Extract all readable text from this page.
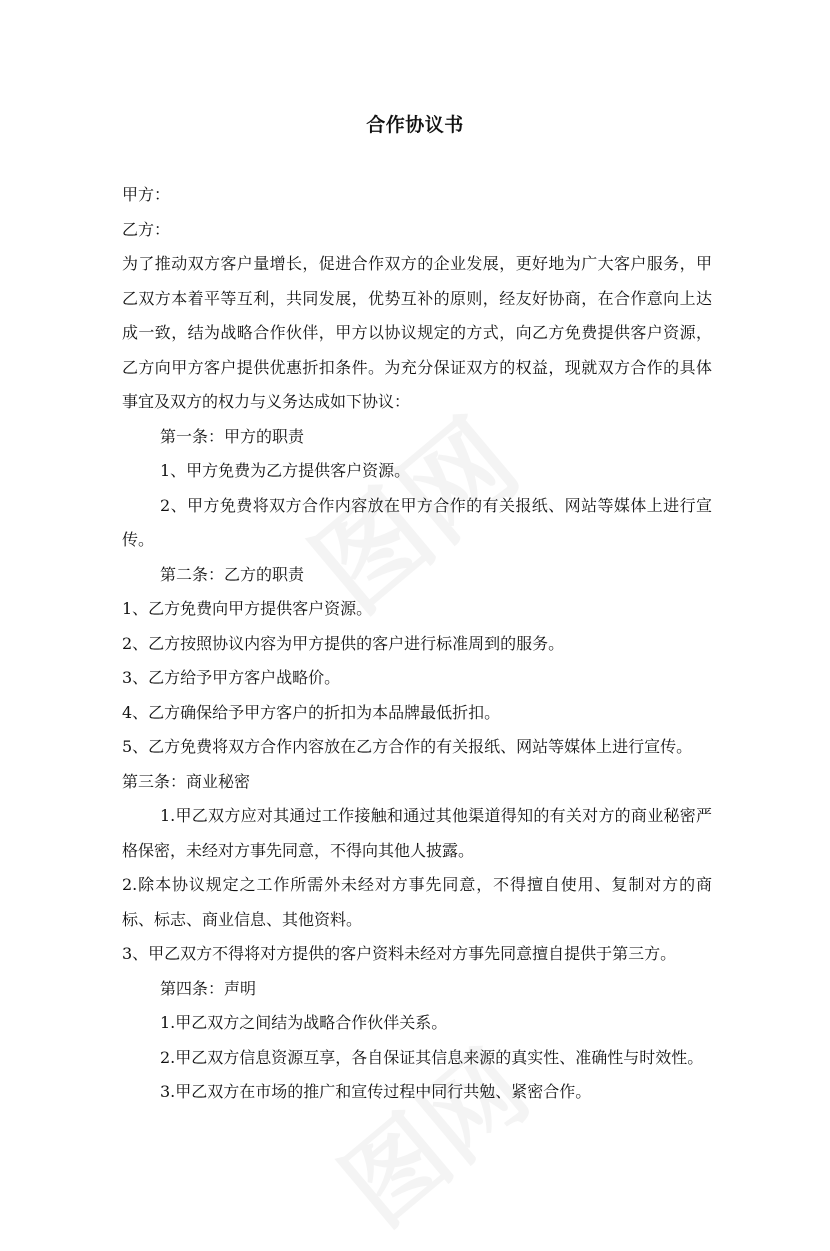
合作协议书

甲方：

乙方：

为了推动双方客户量增长，促进合作双方的企业发展，更好地为广大客户服务，甲乙双方本着平等互利，共同发展，优势互补的原则，经友好协商，在合作意向上达成一致，结为战略合作伙伴，甲方以协议规定的方式，向乙方免费提供客户资源，乙方向甲方客户提供优惠折扣条件。为充分保证双方的权益，现就双方合作的具体事宜及双方的权力与义务达成如下协议：

第一条：甲方的职责

1、甲方免费为乙方提供客户资源。

2、甲方免费将双方合作内容放在甲方合作的有关报纸、网站等媒体上进行宣传。

第二条：乙方的职责

1、乙方免费向甲方提供客户资源。

2、乙方按照协议内容为甲方提供的客户进行标准周到的服务。

3、乙方给予甲方客户战略价。

4、乙方确保给予甲方客户的折扣为本品牌最低折扣。

5、乙方免费将双方合作内容放在乙方合作的有关报纸、网站等媒体上进行宣传。

第三条：商业秘密

1.甲乙双方应对其通过工作接触和通过其他渠道得知的有关对方的商业秘密严格保密，未经对方事先同意，不得向其他人披露。

2.除本协议规定之工作所需外未经对方事先同意，不得擅自使用、复制对方的商标、标志、商业信息、其他资料。

3、甲乙双方不得将对方提供的客户资料未经对方事先同意擅自提供于第三方。

第四条：声明

1.甲乙双方之间结为战略合作伙伴关系。

2.甲乙双方信息资源互享，各自保证其信息来源的真实性、准确性与时效性。

3.甲乙双方在市场的推广和宣传过程中同行共勉、紧密合作。
